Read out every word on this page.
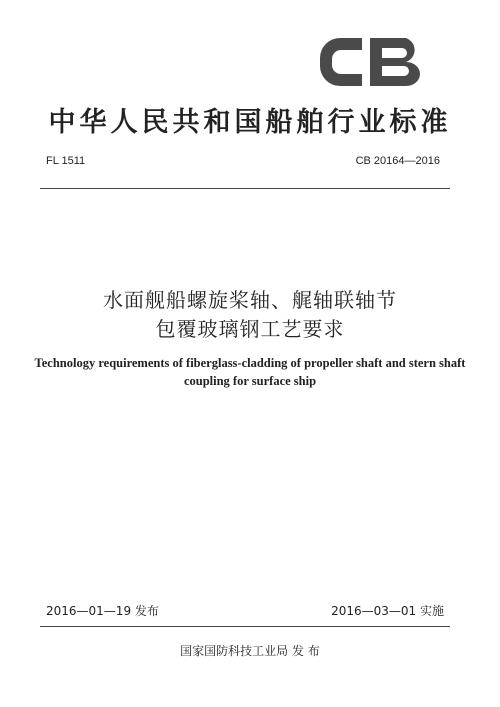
中华人民共和国船舶行业标准
FL 1511	CB 20164—2016
水面舰船螺旋桨轴、艉轴联轴节
包覆玻璃钢工艺要求
Technology requirements of fiberglass-cladding of propeller shaft and stern shaft
coupling for surface ship
2016—01—19 发布	2016—03—01 实施
国家国防科技工业局 发 布
